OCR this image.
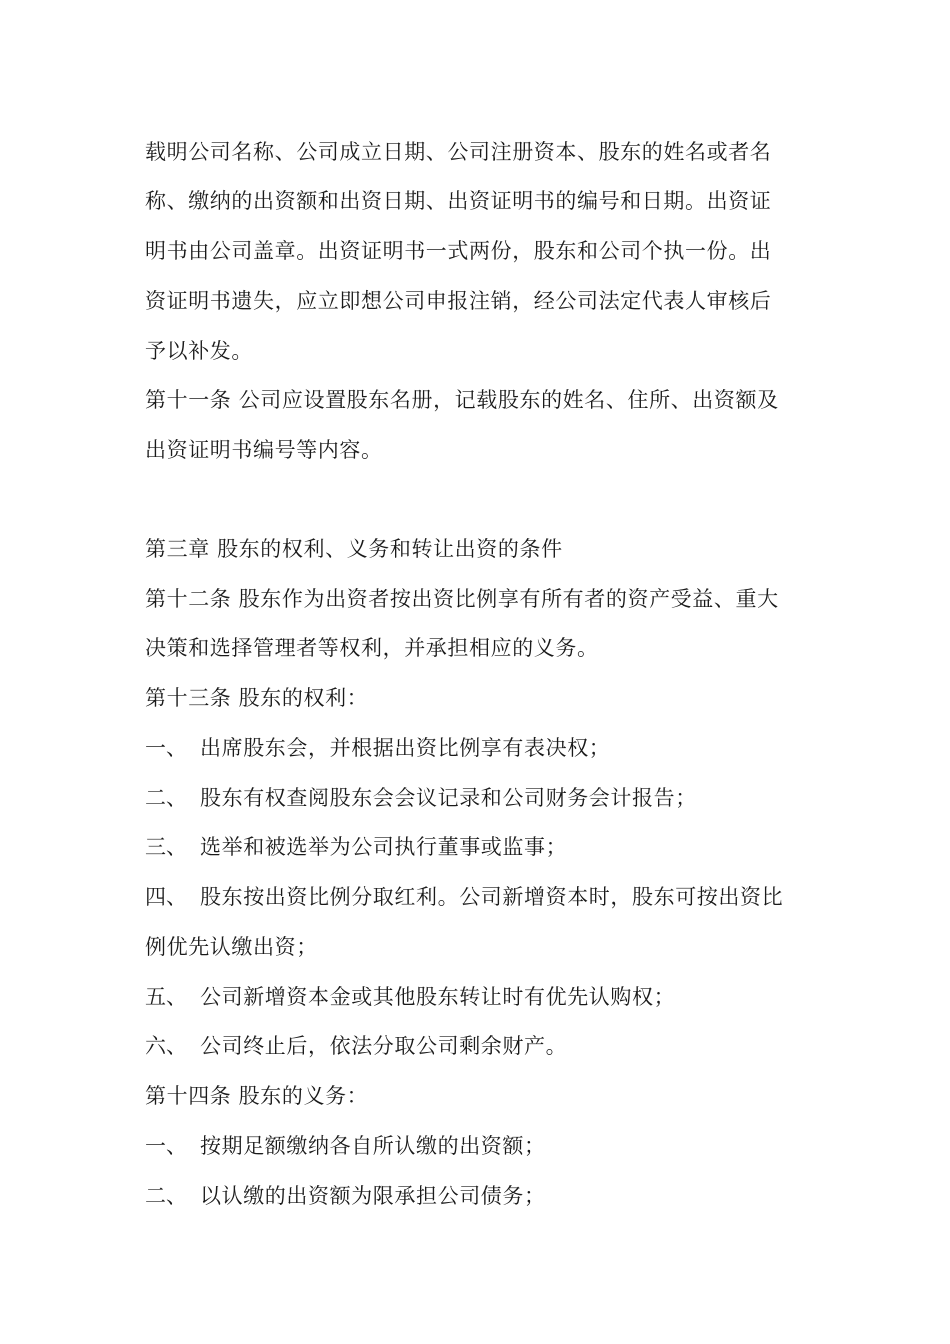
载明公司名称、公司成立日期、公司注册资本、股东的姓名或者名
称、缴纳的出资额和出资日期、出资证明书的编号和日期。出资证
明书由公司盖章。出资证明书一式两份，股东和公司个执一份。出
资证明书遗失，应立即想公司申报注销，经公司法定代表人审核后
予以补发。
第十一条 公司应设置股东名册，记载股东的姓名、住所、出资额及
出资证明书编号等内容。
第三章 股东的权利、义务和转让出资的条件
第十二条 股东作为出资者按出资比例享有所有者的资产受益、重大
决策和选择管理者等权利，并承担相应的义务。
第十三条 股东的权利：
一、 出席股东会，并根据出资比例享有表决权；
二、 股东有权查阅股东会会议记录和公司财务会计报告；
三、 选举和被选举为公司执行董事或监事；
四、 股东按出资比例分取红利。公司新增资本时，股东可按出资比
例优先认缴出资；
五、 公司新增资本金或其他股东转让时有优先认购权；
六、 公司终止后，依法分取公司剩余财产。
第十四条 股东的义务：
一、 按期足额缴纳各自所认缴的出资额；
二、 以认缴的出资额为限承担公司债务；
